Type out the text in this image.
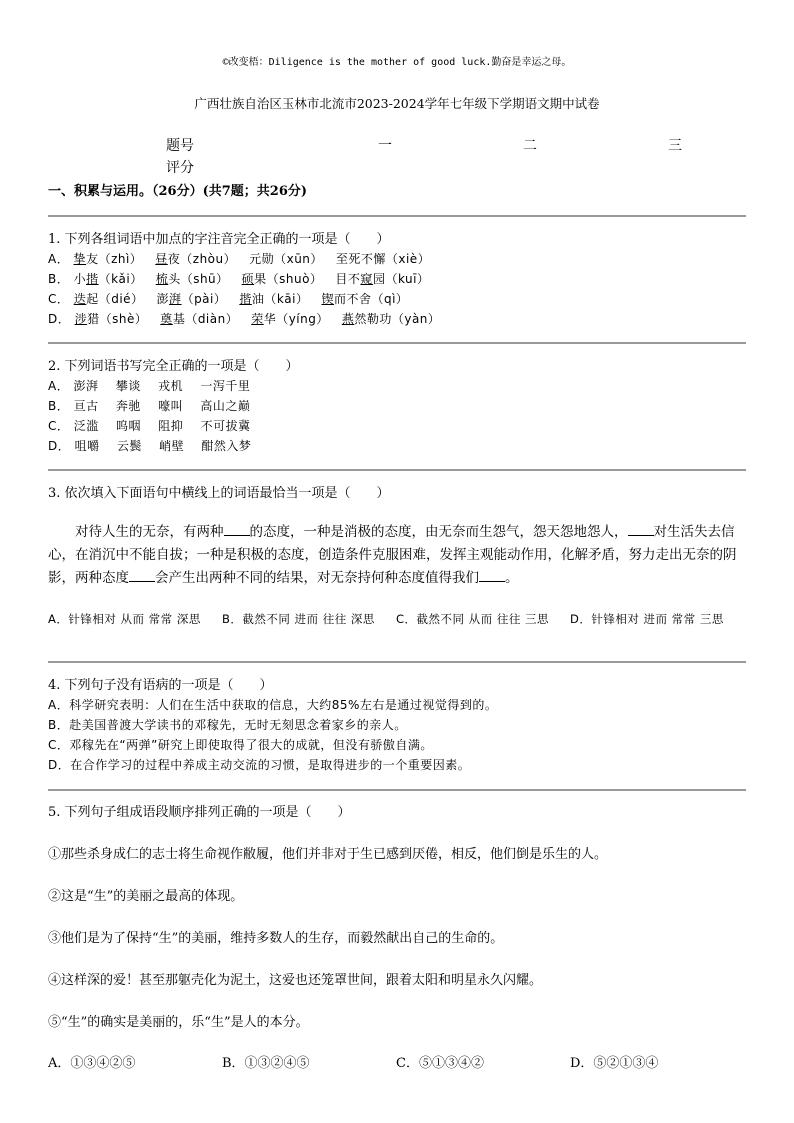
©改变梧：Diligence is the mother of good luck.勤奋是幸运之母。
广西壮族自治区玉林市北流市2023-2024学年七年级下学期语文期中试卷
题号	一	二	三
评分
一、积累与运用。（26分）(共7题；共26分)
1. 下列各组词语中加点的字注音完全正确的一项是（　　）
A． 挚友（zhì） 昼夜（zhòu） 元勋（xūn） 至死不懈（xiè）
B． 小揩（kǎi） 梳头（shū） 硕果（shuò） 目不窥园（kuī）
C． 迭起（dié） 澎湃（pài） 揩油（kāi） 锲而不舍（qì）
D． 涉猎（shè） 奠基（diàn） 荣华（yíng） 燕然勒功（yàn）
2. 下列词语书写完全正确的一项是（　　）
A． 澎湃 攀谈 戎机 一泻千里
B． 亘古 奔驰 嚎叫 高山之巅
C． 泛滥 呜咽 阻抑 不可拔冀
D． 咀嚼 云鬓 峭壁 酣然入梦
3. 依次填入下面语句中横线上的词语最恰当一项是（　　）
对待人生的无奈，有两种 的态度，一种是消极的态度，由无奈而生怨气，怨天怨地怨人， 对生活失去信心，在消沉中不能自拔；一种是积极的态度，创造条件克服困难，发挥主观能动作用，化解矛盾，努力走出无奈的阴影，两种态度 会产生出两种不同的结果，对无奈持何种态度值得我们 。
A．针锋相对 从而 常常 深思	B．截然不同 进而 往往 深思	C．截然不同 从而 往往 三思	D．针锋相对 进而 常常 三思
4. 下列句子没有语病的一项是（　　）
A．科学研究表明：人们在生活中获取的信息，大约85%左右是通过视觉得到的。
B．赴美国普渡大学读书的邓稼先，无时无刻思念着家乡的亲人。
C．邓稼先在“两弹”研究上即使取得了很大的成就，但没有骄傲自满。
D．在合作学习的过程中养成主动交流的习惯，是取得进步的一个重要因素。
5. 下列句子组成语段顺序排列正确的一项是（　　）
①那些杀身成仁的志士将生命视作敝履，他们并非对于生已感到厌倦，相反，他们倒是乐生的人。
②这是“生”的美丽之最高的体现。
③他们是为了保持“生”的美丽，维持多数人的生存，而毅然献出自己的生命的。
④这样深的爱！甚至那躯壳化为泥土，这爱也还笼罩世间，跟着太阳和明星永久闪耀。
⑤“生”的确实是美丽的，乐“生”是人的本分。
A．①③④②⑤	B．①③②④⑤	C．⑤①③④②	D．⑤②①③④
